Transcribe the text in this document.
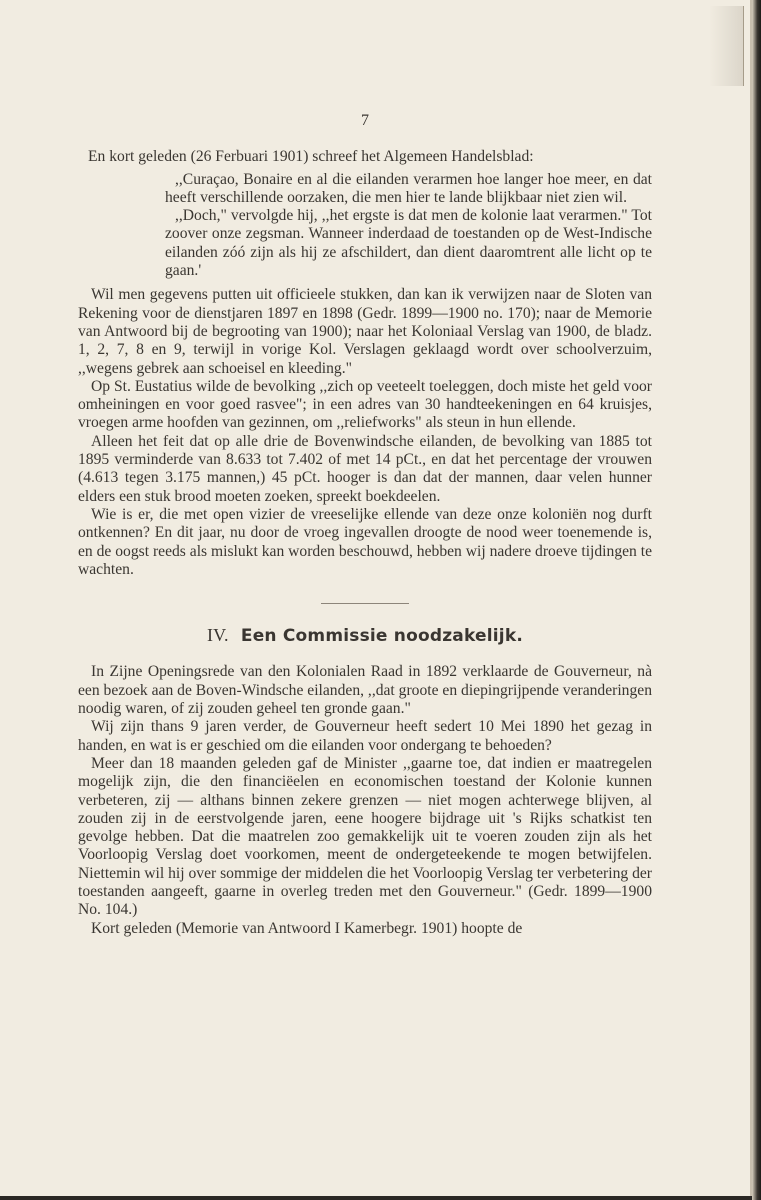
7

En kort geleden (26 Ferbuari 1901) schreef het Algemeen Handelsblad:

,,Curaçao, Bonaire en al die eilanden verarmen hoe langer hoe meer, en dat heeft verschillende oorzaken, die men hier te lande blijkbaar niet zien wil.

,,Doch," vervolgde hij, ,,het ergste is dat men de kolonie laat verarmen." Tot zoover onze zegsman. Wanneer inderdaad de toestanden op de West-Indische eilanden zóó zijn als hij ze afschildert, dan dient daaromtrent alle licht op te gaan.'

Wil men gegevens putten uit officieele stukken, dan kan ik verwijzen naar de Sloten van Rekening voor de dienstjaren 1897 en 1898 (Gedr. 1899—1900 no. 170); naar de Memorie van Antwoord bij de begrooting van 1900); naar het Koloniaal Verslag van 1900, de bladz. 1, 2, 7, 8 en 9, terwijl in vorige Kol. Verslagen geklaagd wordt over schoolverzuim, ,,wegens gebrek aan schoeisel en kleeding."

Op St. Eustatius wilde de bevolking ,,zich op veeteelt toeleggen, doch miste het geld voor omheiningen en voor goed rasvee"; in een adres van 30 handteekeningen en 64 kruisjes, vroegen arme hoofden van gezinnen, om ,,reliefworks" als steun in hun ellende.

Alleen het feit dat op alle drie de Bovenwindsche eilanden, de bevolking van 1885 tot 1895 verminderde van 8.633 tot 7.402 of met 14 pCt., en dat het percentage der vrouwen (4.613 tegen 3.175 mannen,) 45 pCt. hooger is dan dat der mannen, daar velen hunner elders een stuk brood moeten zoeken, spreekt boekdeelen.

Wie is er, die met open vizier de vreeselijke ellende van deze onze koloniën nog durft ontkennen? En dit jaar, nu door de vroeg ingevallen droogte de nood weer toenemende is, en de oogst reeds als mislukt kan worden beschouwd, hebben wij nadere droeve tijdingen te wachten.

IV. Een Commissie noodzakelijk.

In Zijne Openingsrede van den Kolonialen Raad in 1892 verklaarde de Gouverneur, nà een bezoek aan de Boven-Windsche eilanden, ,,dat groote en diepingrijpende veranderingen noodig waren, of zij zouden geheel ten gronde gaan."

Wij zijn thans 9 jaren verder, de Gouverneur heeft sedert 10 Mei 1890 het gezag in handen, en wat is er geschied om die eilanden voor ondergang te behoeden?

Meer dan 18 maanden geleden gaf de Minister ,,gaarne toe, dat indien er maatregelen mogelijk zijn, die den financiëelen en economischen toestand der Kolonie kunnen verbeteren, zij — althans binnen zekere grenzen — niet mogen achterwege blijven, al zouden zij in de eerstvolgende jaren, eene hoogere bijdrage uit 's Rijks schatkist ten gevolge hebben. Dat die maatrelen zoo gemakkelijk uit te voeren zouden zijn als het Voorloopig Verslag doet voorkomen, meent de ondergeteekende te mogen betwijfelen. Niettemin wil hij over sommige der middelen die het Voorloopig Verslag ter verbetering der toestanden aangeeft, gaarne in overleg treden met den Gouverneur." (Gedr. 1899—1900 No. 104.)

Kort geleden (Memorie van Antwoord I Kamerbegr. 1901) hoopte de
